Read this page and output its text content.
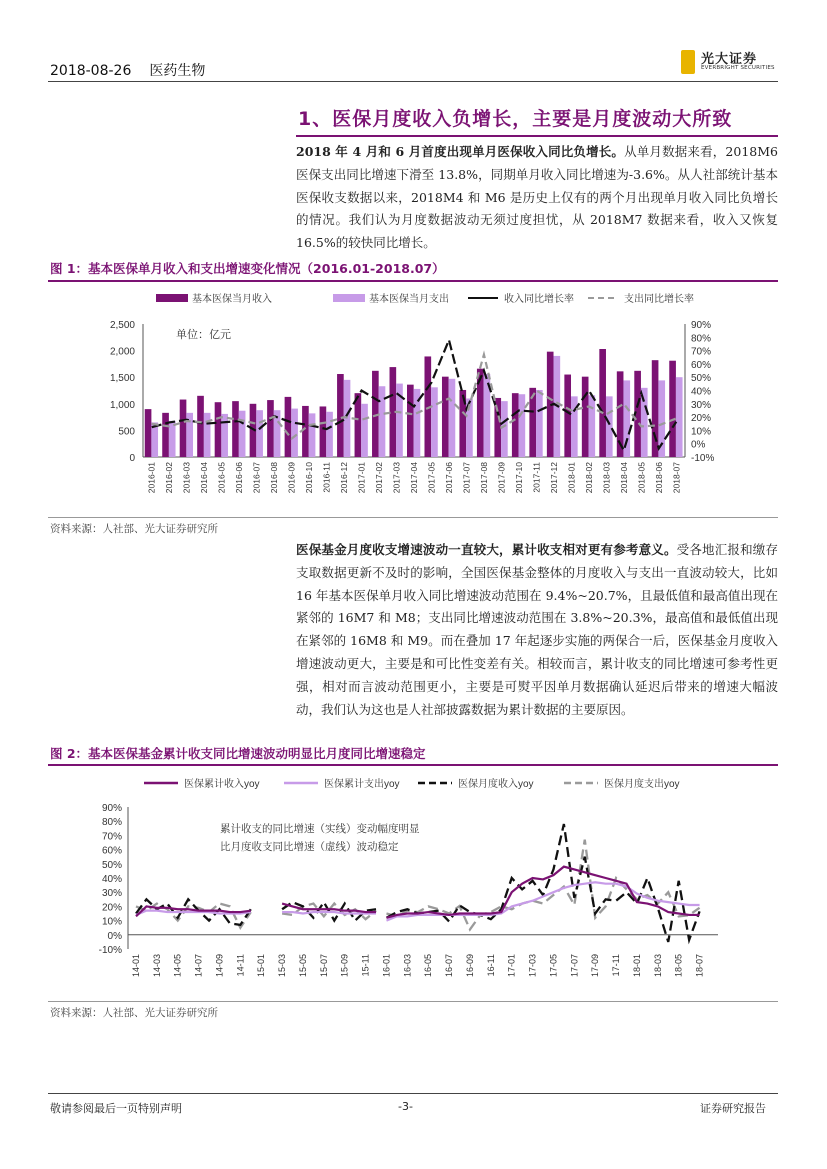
2018-08-26 医药生物
光大证券
EVERBRIGHT SECURITIES
1、医保月度收入负增长，主要是月度波动大所致
2018 年 4 月和 6 月首度出现单月医保收入同比负增长。从单月数据来看，2018M6 医保支出同比增速下滑至 13.8%，同期单月收入同比增速为-3.6%。从人社部统计基本医保收支数据以来，2018M4 和 M6 是历史上仅有的两个月出现单月收入同比负增长的情况。我们认为月度数据波动无须过度担忧，从 2018M7 数据来看，收入又恢复 16.5%的较快同比增长。
图 1：基本医保单月收入和支出增速变化情况（2016.01-2018.07）
基本医保当月收入	基本医保当月支出	收入同比增长率	支出同比增长率
2,500
2,000
1,500
1,000
500
0
90%
80%
70%
60%
50%
40%
30%
20%
10%
0%
-10%
单位：亿元
2016-01 2016-02 2016-03 2016-04 2016-05 2016-06 2016-07 2016-08 2016-09 2016-10 2016-11 2016-12 2017-01 2017-02 2017-03 2017-04 2017-05 2017-06 2017-07 2017-08 2017-09 2017-10 2017-11 2017-12 2018-01 2018-02 2018-03 2018-04 2018-05 2018-06 2018-07
资料来源：人社部、光大证券研究所
医保基金月度收支增速波动一直较大，累计收支相对更有参考意义。受各地汇报和缴存支取数据更新不及时的影响，全国医保基金整体的月度收入与支出一直波动较大，比如 16 年基本医保单月收入同比增速波动范围在 9.4%~20.7%，且最低值和最高值出现在紧邻的 16M7 和 M8；支出同比增速波动范围在 3.8%~20.3%，最高值和最低值出现在紧邻的 16M8 和 M9。而在叠加 17 年起逐步实施的两保合一后，医保基金月度收入增速波动更大，主要是和可比性变差有关。相较而言，累计收支的同比增速可参考性更强，相对而言波动范围更小，主要是可熨平因单月数据确认延迟后带来的增速大幅波动，我们认为这也是人社部披露数据为累计数据的主要原因。
图 2：基本医保基金累计收支同比增速波动明显比月度同比增速稳定
医保累计收入yoy	医保累计支出yoy	医保月度收入yoy	医保月度支出yoy
90%
80%
70%
60%
50%
40%
30%
20%
10%
0%
-10%
14-01 14-03 14-05 14-07 14-09 14-11 15-01 15-03 15-05 15-07 15-09 15-11 16-01 16-03 16-05 16-07 16-09 16-11 17-01 17-03 17-05 17-07 17-09 17-11 18-01 18-03 18-05 18-07
累计收支的同比增速（实线）变动幅度明显
比月度收支同比增速（虚线）波动稳定
资料来源：人社部、光大证券研究所
敬请参阅最后一页特别声明	-3-	证券研究报告
